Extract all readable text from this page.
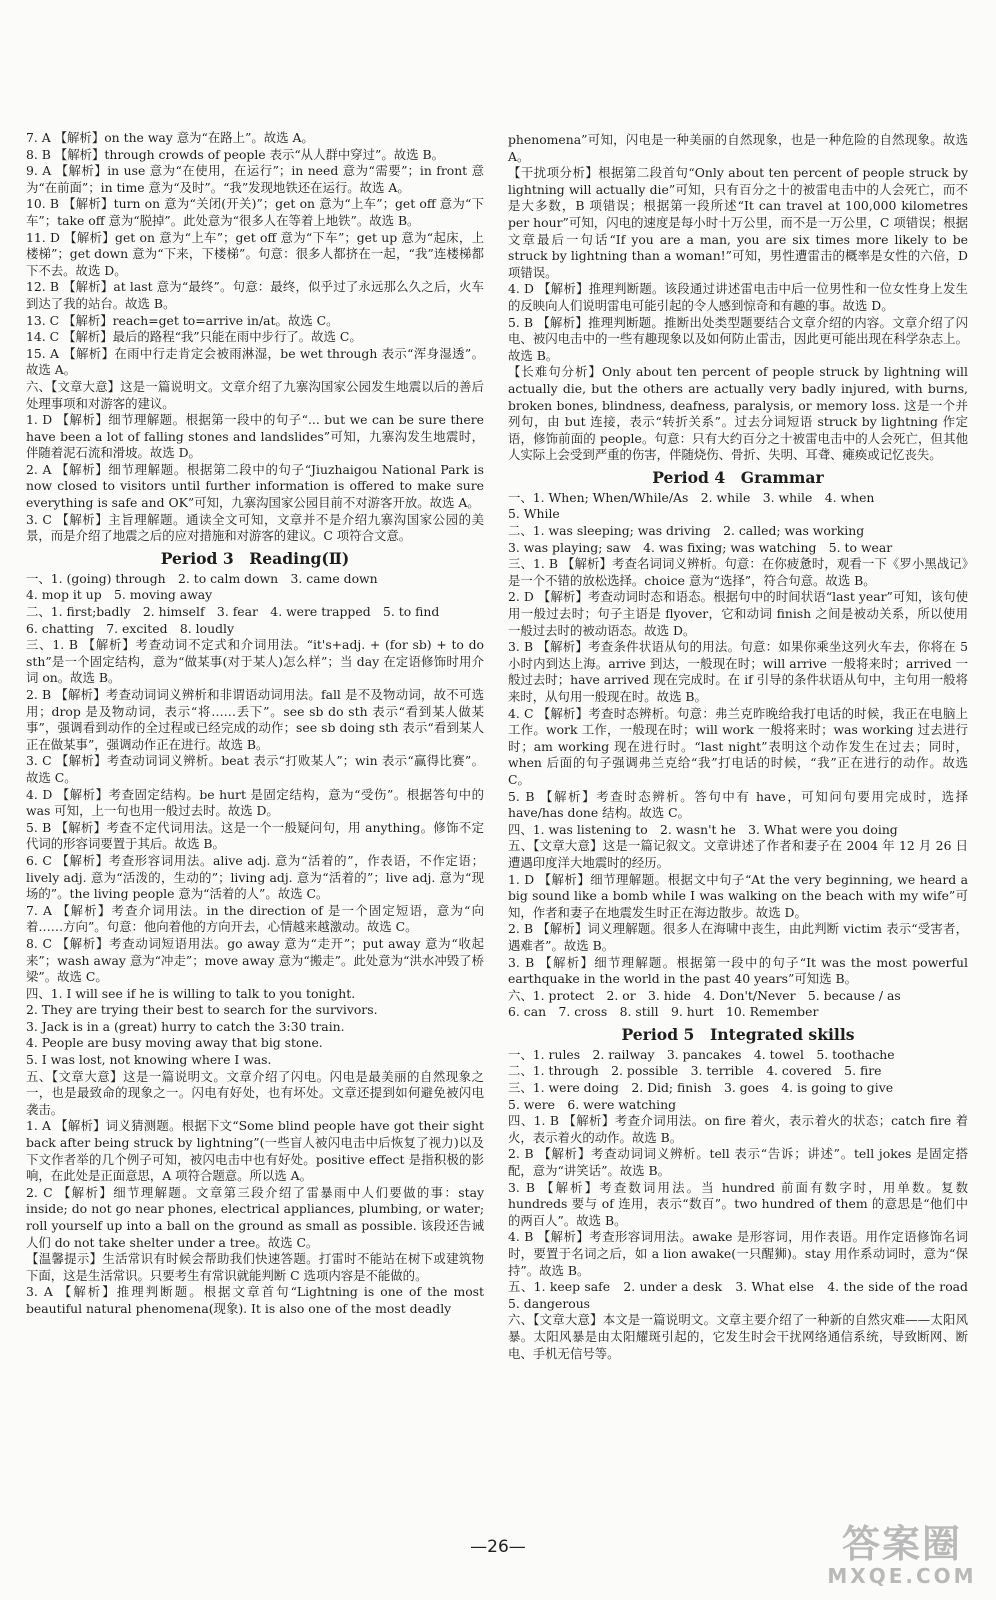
7. A 【解析】on the way 意为“在路上”。故选 A。

8. B 【解析】through crowds of people 表示“从人群中穿过”。故选 B。

9. A 【解析】in use 意为“在使用，在运行”；in need 意为“需要”；in front 意为“在前面”；in time 意为“及时”。“我”发现地铁还在运行。故选 A。

10. B 【解析】turn on 意为“关闭(开关)”；get on 意为“上车”；get off 意为“下车”；take off 意为“脱掉”。此处意为“很多人在等着上地铁”。故选 B。

11. D 【解析】get on 意为“上车”；get off 意为“下车”；get up 意为“起床，上楼梯”；get down 意为“下来，下楼梯”。句意：很多人都挤在一起，“我”连楼梯都下不去。故选 D。

12. B 【解析】at last 意为“最终”。句意：最终，似乎过了永远那么久之后，火车到达了我的站台。故选 B。

13. C 【解析】reach=get to=arrive in/at。故选 C。

14. C 【解析】最后的路程“我”只能在雨中步行了。故选 C。

15. A 【解析】在雨中行走肯定会被雨淋湿，be wet through 表示“浑身湿透”。故选 A。

六、【文章大意】这是一篇说明文。文章介绍了九寨沟国家公园发生地震以后的善后处理事项和对游客的建议。

1. D 【解析】细节理解题。根据第一段中的句子“... but we can be sure there have been a lot of falling stones and landslides”可知，九寨沟发生地震时，伴随着泥石流和滑坡。故选 D。

2. A 【解析】细节理解题。根据第二段中的句子“Jiuzhaigou National Park is now closed to visitors until further information is offered to make sure everything is safe and OK”可知，九寨沟国家公园目前不对游客开放。故选 A。

3. C 【解析】主旨理解题。通读全文可知，文章并不是介绍九寨沟国家公园的美景，而是介绍了地震之后的应对措施和对游客的建议。C 项符合文意。

Period 3　Reading(Ⅱ)

一、1. (going) through　2. to calm down　3. came down

4. mop it up　5. moving away

二、1. first;badly　2. himself　3. fear　4. were trapped　5. to find

6. chatting　7. excited　8. loudly

三、1. B 【解析】考查动词不定式和介词用法。“it's+adj. + (for sb) + to do sth”是一个固定结构，意为“做某事(对于某人)怎么样”；当 day 在定语修饰时用介词 on。故选 B。

2. B 【解析】考查动词词义辨析和非谓语动词用法。fall 是不及物动词，故不可选用；drop 是及物动词，表示“将……丢下”。see sb do sth 表示“看到某人做某事”，强调看到动作的全过程或已经完成的动作；see sb doing sth 表示“看到某人正在做某事”，强调动作正在进行。故选 B。

3. C 【解析】考查动词词义辨析。beat 表示“打败某人”；win 表示“赢得比赛”。故选 C。

4. D 【解析】考查固定结构。be hurt 是固定结构，意为“受伤”。根据答句中的 was 可知，上一句也用一般过去时。故选 D。

5. B 【解析】考查不定代词用法。这是一个一般疑问句，用 anything。修饰不定代词的形容词要置于其后。故选 B。

6. C 【解析】考查形容词用法。alive adj. 意为“活着的”，作表语，不作定语；lively adj. 意为“活泼的，生动的”；living adj. 意为“活着的”；live adj. 意为“现场的”。the living people 意为“活着的人”。故选 C。

7. A 【解析】考查介词用法。in the direction of 是一个固定短语，意为“向着……方向”。句意：他向着他的方向开去，心情越来越激动。故选 C。

8. C 【解析】考查动词短语用法。go away 意为“走开”；put away 意为“收起来”；wash away 意为“冲走”；move away 意为“搬走”。此处意为“洪水冲毁了桥梁”。故选 C。

四、1. I will see if he is willing to talk to you tonight.

2. They are trying their best to search for the survivors.

3. Jack is in a (great) hurry to catch the 3:30 train.

4. People are busy moving away that big stone.

5. I was lost, not knowing where I was.

五、【文章大意】这是一篇说明文。文章介绍了闪电。闪电是最美丽的自然现象之一，也是最致命的现象之一。闪电有好处，也有坏处。文章还提到如何避免被闪电袭击。

1. A 【解析】词义猜测题。根据下文“Some blind people have got their sight back after being struck by lightning”(一些盲人被闪电击中后恢复了视力)以及下文作者举的几个例子可知，被闪电击中也有好处。positive effect 是指积极的影响，在此处是正面意思，A 项符合题意。所以选 A。

2. C 【解析】细节理解题。文章第三段介绍了雷暴雨中人们要做的事：stay inside; do not go near phones, electrical appliances, plumbing, or water; roll yourself up into a ball on the ground as small as possible. 该段还告诫人们 do not take shelter under a tree。故选 C。

【温馨提示】生活常识有时候会帮助我们快速答题。打雷时不能站在树下或建筑物下面，这是生活常识。只要考生有常识就能判断 C 选项内容是不能做的。

3. A 【解析】推理判断题。根据文章首句“Lightning is one of the most beautiful natural phenomena(现象). It is also one of the most deadly

phenomena”可知，闪电是一种美丽的自然现象，也是一种危险的自然现象。故选 A。

【干扰项分析】根据第二段首句“Only about ten percent of people struck by lightning will actually die”可知，只有百分之十的被雷电击中的人会死亡，而不是大多数，B 项错误；根据第一段所述“It can travel at 100,000 kilometres per hour”可知，闪电的速度是每小时十万公里，而不是一万公里，C 项错误；根据文章最后一句话“If you are a man, you are six times more likely to be struck by lightning than a woman!”可知，男性遭雷击的概率是女性的六倍，D 项错误。

4. D 【解析】推理判断题。该段通过讲述雷电击中后一位男性和一位女性身上发生的反映向人们说明雷电可能引起的令人感到惊奇和有趣的事。故选 D。

5. B 【解析】推理判断题。推断出处类型题要结合文章介绍的内容。文章介绍了闪电、被闪电击中的一些有趣现象以及如何防止雷击，因此更可能出现在科学杂志上。故选 B。

【长难句分析】Only about ten percent of people struck by lightning will actually die, but the others are actually very badly injured, with burns, broken bones, blindness, deafness, paralysis, or memory loss. 这是一个并列句，由 but 连接，表示“转折关系”。过去分词短语 struck by lightning 作定语，修饰前面的 people。句意：只有大约百分之十被雷电击中的人会死亡，但其他人实际上会受到严重的伤害，伴随烧伤、骨折、失明、耳聋、瘫痪或记忆丧失。

Period 4　Grammar

一、1. When; When/While/As　2. while　3. while　4. when

5. While

二、1. was sleeping; was driving　2. called; was working

3. was playing; saw　4. was fixing; was watching　5. to wear

三、1. B 【解析】考查名词词义辨析。句意：在你疲惫时，观看一下《罗小黑战记》是一个不错的放松选择。choice 意为“选择”，符合句意。故选 B。

2. D 【解析】考查动词时态和语态。根据句中的时间状语“last year”可知，该句使用一般过去时；句子主语是 flyover，它和动词 finish 之间是被动关系，所以使用一般过去时的被动语态。故选 D。

3. B 【解析】考查条件状语从句的用法。句意：如果你乘坐这列火车去，你将在 5 小时内到达上海。arrive 到达，一般现在时；will arrive 一般将来时；arrived 一般过去时；have arrived 现在完成时。在 if 引导的条件状语从句中，主句用一般将来时，从句用一般现在时。故选 B。

4. C 【解析】考查时态辨析。句意：弗兰克昨晚给我打电话的时候，我正在电脑上工作。work 工作，一般现在时；will work 一般将来时；was working 过去进行时；am working 现在进行时。“last night”表明这个动作发生在过去；同时，when 后面的句子强调弗兰克给“我”打电话的时候，“我”正在进行的动作。故选 C。

5. B 【解析】考查时态辨析。答句中有 have，可知问句要用完成时，选择 have/has done 结构。故选 C。

四、1. was listening to　2. wasn't he　3. What were you doing

五、【文章大意】这是一篇记叙文。文章讲述了作者和妻子在 2004 年 12 月 26 日遭遇印度洋大地震时的经历。

1. D 【解析】细节理解题。根据文中句子“At the very beginning, we heard a big sound like a bomb while I was walking on the beach with my wife”可知，作者和妻子在地震发生时正在海边散步。故选 D。

2. B 【解析】词义理解题。很多人在海啸中丧生，由此判断 victim 表示“受害者，遇难者”。故选 B。

3. B 【解析】细节理解题。根据第一段中的句子“It was the most powerful earthquake in the world in the past 40 years”可知选 B。

六、1. protect　2. or　3. hide　4. Don't/Never　5. because / as

6. can　7. cross　8. still　9. hurt　10. Remember

Period 5　Integrated skills

一、1. rules　2. railway　3. pancakes　4. towel　5. toothache

二、1. through　2. possible　3. terrible　4. covered　5. fire

三、1. were doing　2. Did; finish　3. goes　4. is going to give

5. were　6. were watching

四、1. B 【解析】考查介词用法。on fire 着火，表示着火的状态；catch fire 着火，表示着火的动作。故选 B。

2. B 【解析】考查动词词义辨析。tell 表示“告诉；讲述”。tell jokes 是固定搭配，意为“讲笑话”。故选 B。

3. B 【解析】考查数词用法。当 hundred 前面有数字时，用单数。复数 hundreds 要与 of 连用，表示“数百”。two hundred of them 的意思是“他们中的两百人”。故选 B。

4. B 【解析】考查形容词用法。awake 是形容词，用作表语。用作定语修饰名词时，要置于名词之后，如 a lion awake(一只醒狮)。stay 用作系动词时，意为“保持”。故选 B。

五、1. keep safe　2. under a desk　3. What else　4. the side of the road　5. dangerous

六、【文章大意】本文是一篇说明文。文章主要介绍了一种新的自然灾难——太阳风暴。太阳风暴是由太阳耀斑引起的，它发生时会干扰网络通信系统，导致断网、断电、手机无信号等。

—26—	答案圈
MXQE.COM
